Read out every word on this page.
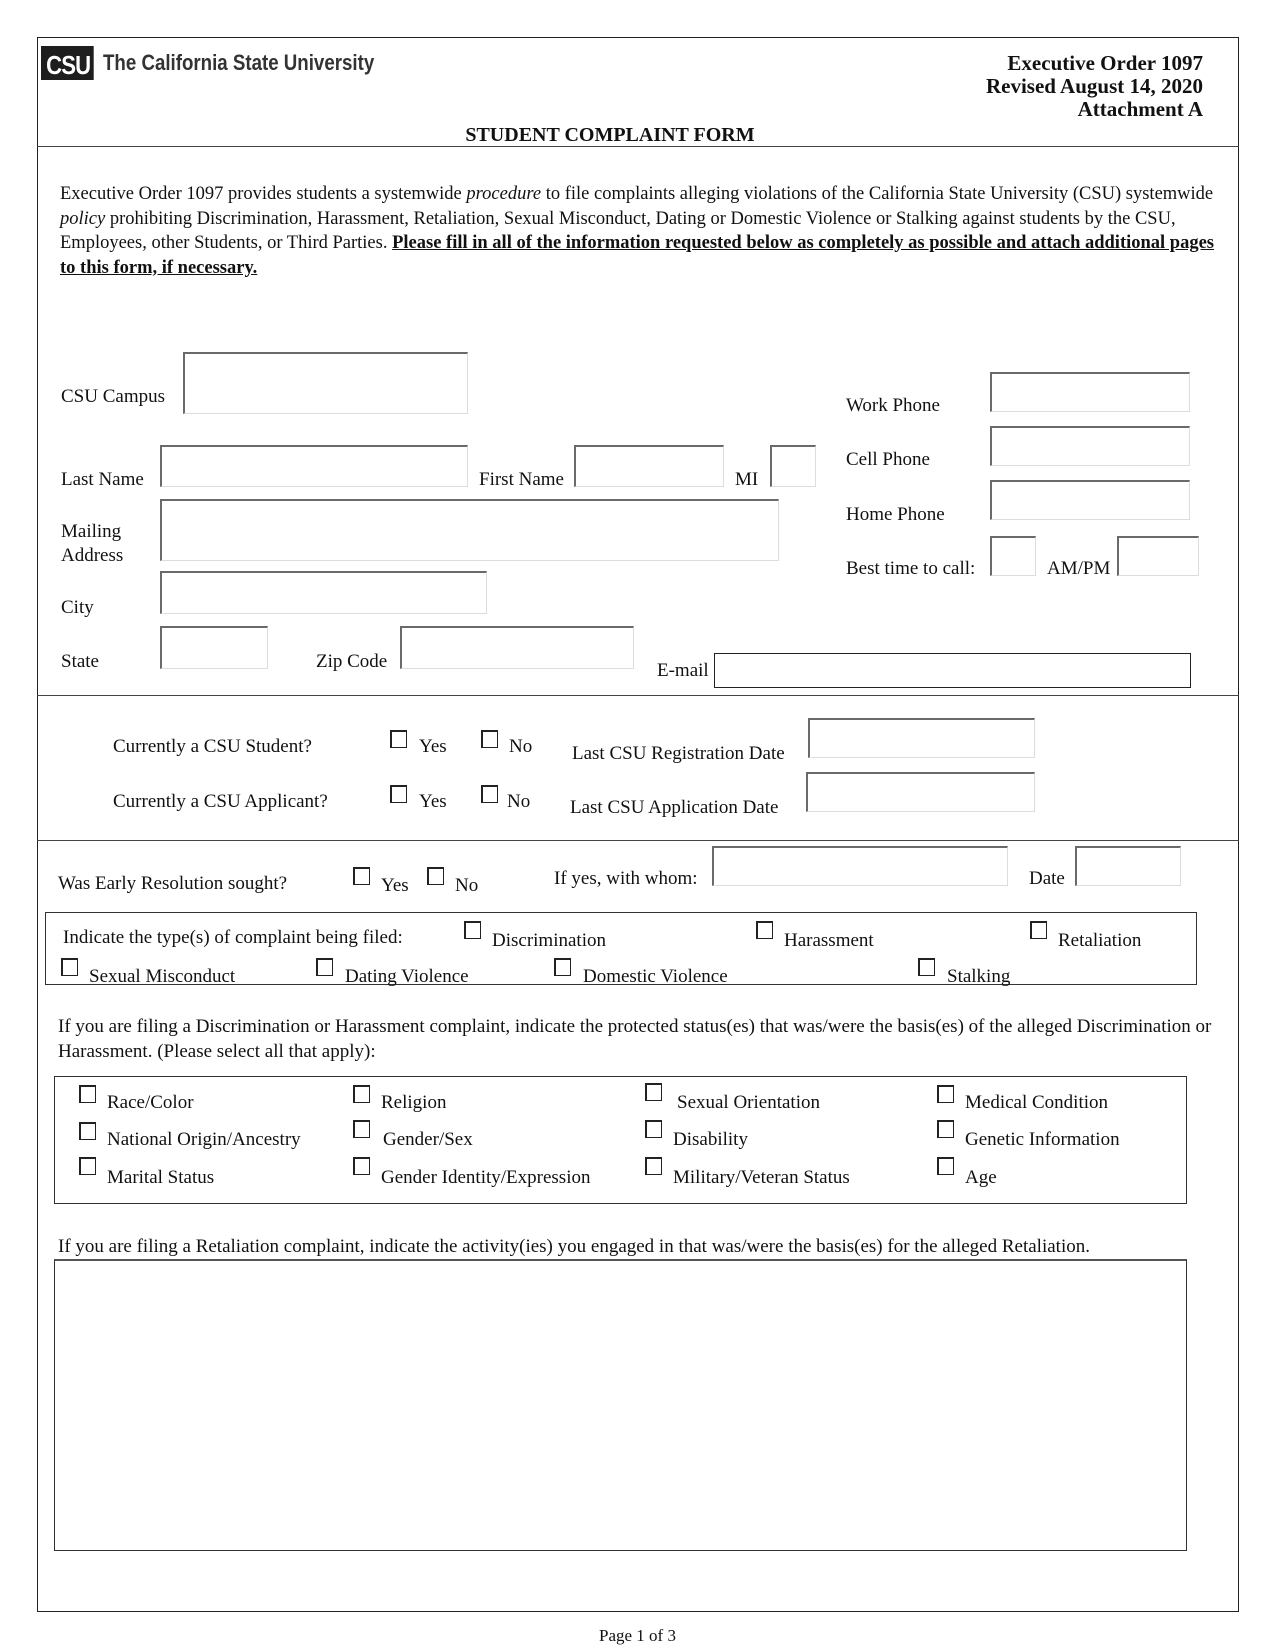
CSU The California State University	Executive Order 1097
Revised August 14, 2020
Attachment A
STUDENT COMPLAINT FORM
Executive Order 1097 provides students a systemwide procedure to file complaints alleging violations of the California State University (CSU) systemwide policy prohibiting Discrimination, Harassment, Retaliation, Sexual Misconduct, Dating or Domestic Violence or Stalking against students by the CSU, Employees, other Students, or Third Parties. Please fill in all of the information requested below as completely as possible and attach additional pages to this form, if necessary.
CSU Campus
Last Name	First Name	MI
Mailing
Address
City
State	Zip Code	E-mail
Work Phone
Cell Phone
Home Phone
Best time to call:	AM/PM
Currently a CSU Student?	Yes	No Last CSU Registration Date
Currently a CSU Applicant?	Yes	No Last CSU Application Date
Was Early Resolution sought?	Yes No	If yes, with whom:	Date
Indicate the type(s) of complaint being filed:	Discrimination	Harassment	Retaliation
Sexual Misconduct	Dating Violence	Domestic Violence	Stalking
If you are filing a Discrimination or Harassment complaint, indicate the protected status(es) that was/were the basis(es) of the alleged Discrimination or Harassment. (Please select all that apply):
Race/Color	Religion	Sexual Orientation	Medical Condition
National Origin/Ancestry	Gender/Sex	Disability	Genetic Information
Marital Status	Gender Identity/Expression	Military/Veteran Status	Age
If you are filing a Retaliation complaint, indicate the activity(ies) you engaged in that was/were the basis(es) for the alleged Retaliation.
Page 1 of 3
